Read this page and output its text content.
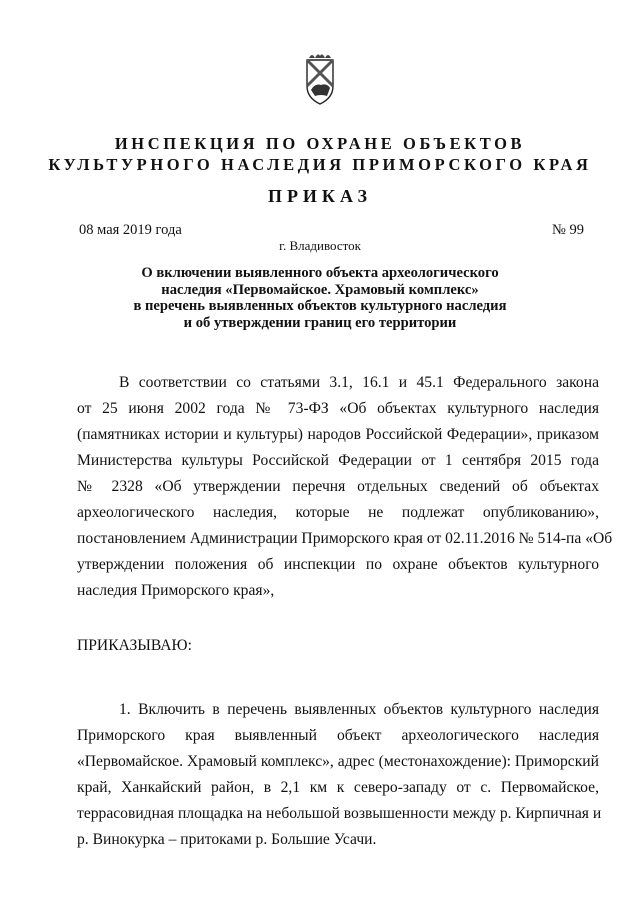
ИНСПЕКЦИЯ ПО ОХРАНЕ ОБЪЕКТОВ
КУЛЬТУРНОГО НАСЛЕДИЯ ПРИМОРСКОГО КРАЯ
ПРИКАЗ
08 мая 2019 года	№ 99
г. Владивосток
О включении выявленного объекта археологического
наследия «Первомайское. Храмовый комплекс»
в перечень выявленных объектов культурного наследия
и об утверждении границ его территории
В соответствии со статьями 3.1, 16.1 и 45.1 Федерального закона
от 25 июня 2002 года № 73-ФЗ «Об объектах культурного наследия
(памятниках истории и культуры) народов Российской Федерации», приказом
Министерства культуры Российской Федерации от 1 сентября 2015 года
№ 2328 «Об утверждении перечня отдельных сведений об объектах
археологического наследия, которые не подлежат опубликованию»,
постановлением Администрации Приморского края от 02.11.2016 № 514-па «Об
утверждении положения об инспекции по охране объектов культурного
наследия Приморского края»,
ПРИКАЗЫВАЮ:
1. Включить в перечень выявленных объектов культурного наследия
Приморского края выявленный объект археологического наследия
«Первомайское. Храмовый комплекс», адрес (местонахождение): Приморский
край, Ханкайский район, в 2,1 км к северо-западу от с. Первомайское,
террасовидная площадка на небольшой возвышенности между р. Кирпичная и
р. Винокурка – притоками р. Большие Усачи.
